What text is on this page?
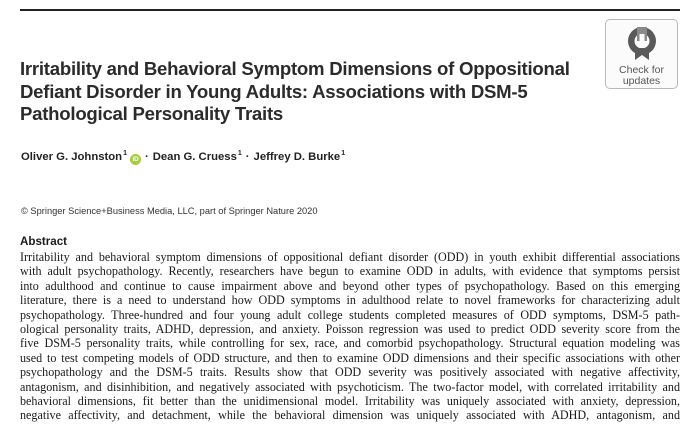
Irritability and Behavioral Symptom Dimensions of Oppositional
Defiant Disorder in Young Adults: Associations with DSM-5
Pathological Personality Traits
Check for
updates
Oliver G. Johnston$^1$iD · Dean G. Cruess$^1$ · Jeffrey D. Burke$^1$
© Springer Science+Business Media, LLC, part of Springer Nature 2020
Abstract
Irritability and behavioral symptom dimensions of oppositional defiant disorder (ODD) in youth exhibit differential associations
with adult psychopathology. Recently, researchers have begun to examine ODD in adults, with evidence that symptoms persist
into adulthood and continue to cause impairment above and beyond other types of psychopathology. Based on this emerging
literature, there is a need to understand how ODD symptoms in adulthood relate to novel frameworks for characterizing adult
psychopathology. Three-hundred and four young adult college students completed measures of ODD symptoms, DSM-5 path-
ological personality traits, ADHD, depression, and anxiety. Poisson regression was used to predict ODD severity score from the
five DSM-5 personality traits, while controlling for sex, race, and comorbid psychopathology. Structural equation modeling was
used to test competing models of ODD structure, and then to examine ODD dimensions and their specific associations with other
psychopathology and the DSM-5 traits. Results show that ODD severity was positively associated with negative affectivity,
antagonism, and disinhibition, and negatively associated with psychoticism. The two-factor model, with correlated irritability and
behavioral dimensions, fit better than the unidimensional model. Irritability was uniquely associated with anxiety, depression,
negative affectivity, and detachment, while the behavioral dimension was uniquely associated with ADHD, antagonism, and
